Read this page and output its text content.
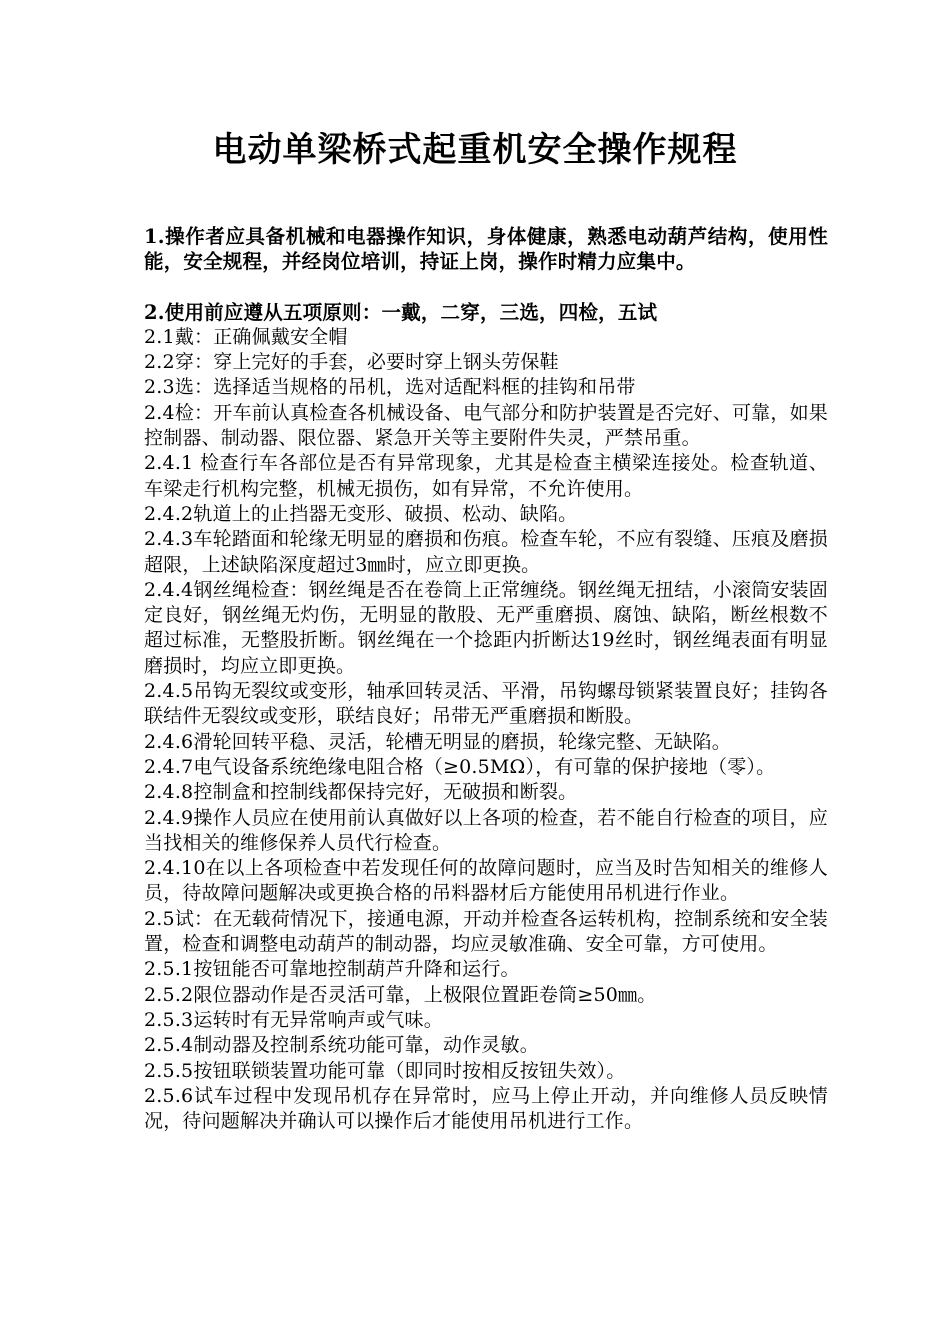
电动单梁桥式起重机安全操作规程

1.操作者应具备机械和电器操作知识，身体健康，熟悉电动葫芦结构，使用性能，安全规程，并经岗位培训，持证上岗，操作时精力应集中。

2.使用前应遵从五项原则：一戴，二穿，三选，四检，五试

2.1戴：正确佩戴安全帽

2.2穿：穿上完好的手套，必要时穿上钢头劳保鞋

2.3选：选择适当规格的吊机，选对适配料框的挂钩和吊带

2.4检：开车前认真检查各机械设备、电气部分和防护装置是否完好、可靠，如果控制器、制动器、限位器、紧急开关等主要附件失灵，严禁吊重。

2.4.1 检查行车各部位是否有异常现象，尤其是检查主横梁连接处。检查轨道、车梁走行机构完整，机械无损伤，如有异常，不允许使用。

2.4.2轨道上的止挡器无变形、破损、松动、缺陷。

2.4.3车轮踏面和轮缘无明显的磨损和伤痕。检查车轮，不应有裂缝、压痕及磨损超限，上述缺陷深度超过3㎜时，应立即更换。

2.4.4钢丝绳检查：钢丝绳是否在卷筒上正常缠绕。钢丝绳无扭结，小滚筒安装固定良好，钢丝绳无灼伤，无明显的散股、无严重磨损、腐蚀、缺陷，断丝根数不超过标准，无整股折断。钢丝绳在一个捻距内折断达19丝时，钢丝绳表面有明显磨损时，均应立即更换。

2.4.5吊钩无裂纹或变形，轴承回转灵活、平滑，吊钩螺母锁紧装置良好；挂钩各联结件无裂纹或变形，联结良好；吊带无严重磨损和断股。

2.4.6滑轮回转平稳、灵活，轮槽无明显的磨损，轮缘完整、无缺陷。

2.4.7电气设备系统绝缘电阻合格（≥0.5MΩ），有可靠的保护接地（零）。

2.4.8控制盒和控制线都保持完好，无破损和断裂。

2.4.9操作人员应在使用前认真做好以上各项的检查，若不能自行检查的项目，应当找相关的维修保养人员代行检查。

2.4.10在以上各项检查中若发现任何的故障问题时，应当及时告知相关的维修人员，待故障问题解决或更换合格的吊料器材后方能使用吊机进行作业。

2.5试：在无载荷情况下，接通电源，开动并检查各运转机构，控制系统和安全装置，检查和调整电动葫芦的制动器，均应灵敏准确、安全可靠，方可使用。

2.5.1按钮能否可靠地控制葫芦升降和运行。

2.5.2限位器动作是否灵活可靠，上极限位置距卷筒≥50㎜。

2.5.3运转时有无异常响声或气味。

2.5.4制动器及控制系统功能可靠，动作灵敏。

2.5.5按钮联锁装置功能可靠（即同时按相反按钮失效）。

2.5.6试车过程中发现吊机存在异常时，应马上停止开动，并向维修人员反映情况，待问题解决并确认可以操作后才能使用吊机进行工作。
